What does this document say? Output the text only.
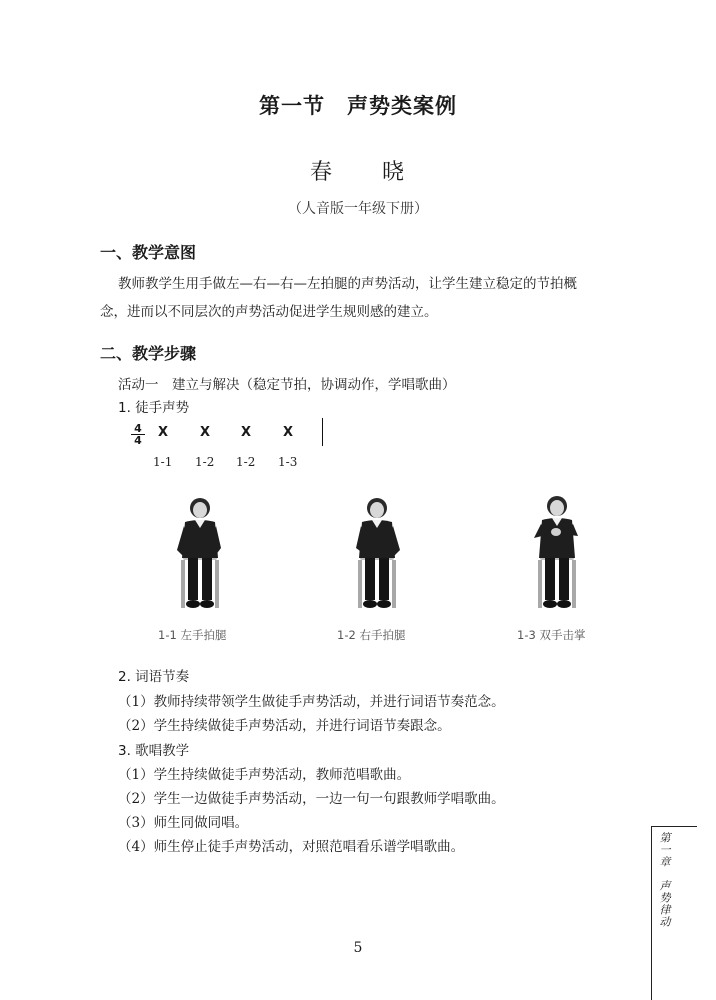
第一节　声势类案例
春　　晓
（人音版一年级下册）
一、教学意图
教师教学生用手做左—右—右—左拍腿的声势活动，让学生建立稳定的节拍概
念，进而以不同层次的声势活动促进学生规则感的建立。
二、教学步骤
活动一　建立与解决（稳定节拍，协调动作，学唱歌曲）
1. 徒手声势
4
4
X X X X
1-1 1-2 1-2 1-3
1-1 左手拍腿	1-2 右手拍腿	1-3 双手击掌
2. 词语节奏
（1）教师持续带领学生做徒手声势活动，并进行词语节奏范念。
（2）学生持续做徒手声势活动，并进行词语节奏跟念。
3. 歌唱教学
（1）学生持续做徒手声势活动，教师范唱歌曲。
（2）学生一边做徒手声势活动，一边一句一句跟教师学唱歌曲。
（3）师生同做同唱。
（4）师生停止徒手声势活动，对照范唱看乐谱学唱歌曲。	第一章　声势律动
5
